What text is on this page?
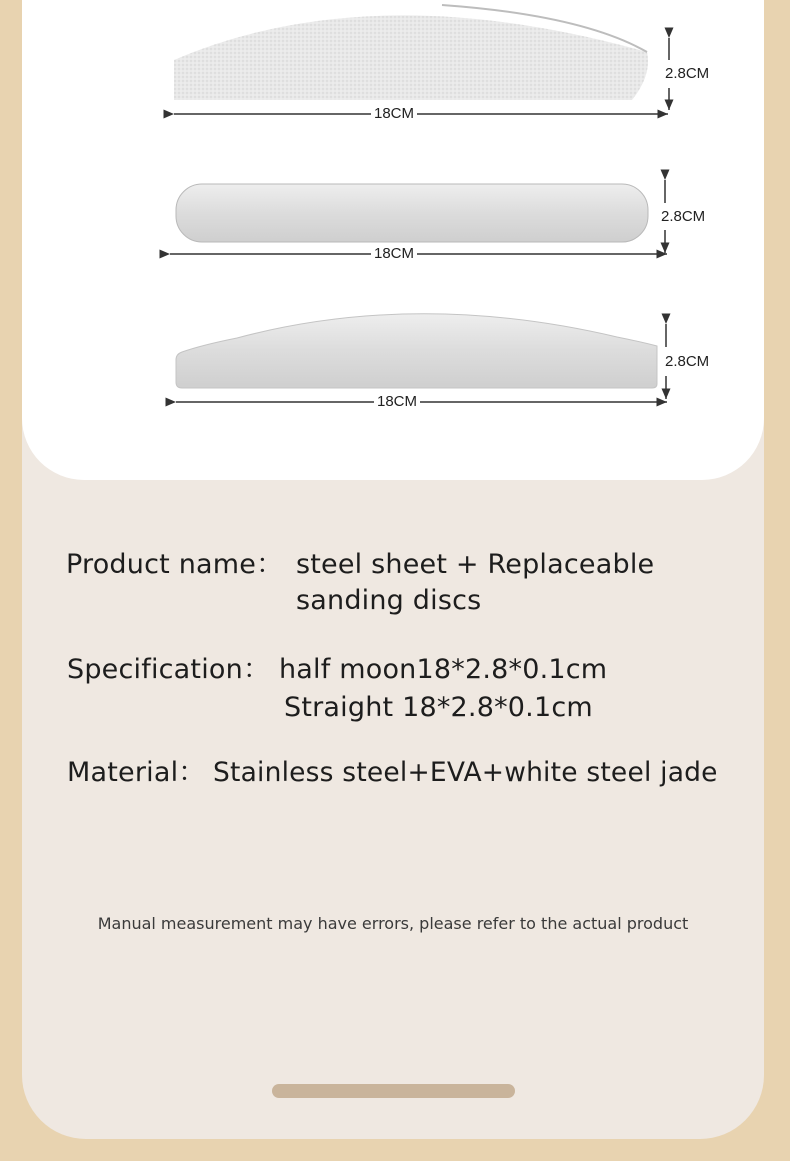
2.8CM
18CM
2.8CM
18CM
2.8CM
18CM
Product name： steel sheet + Replaceable
sanding discs
Specification： half moon18*2.8*0.1cm
Straight 18*2.8*0.1cm
Material： Stainless steel+EVA+white steel jade
Manual measurement may have errors, please refer to the actual product
